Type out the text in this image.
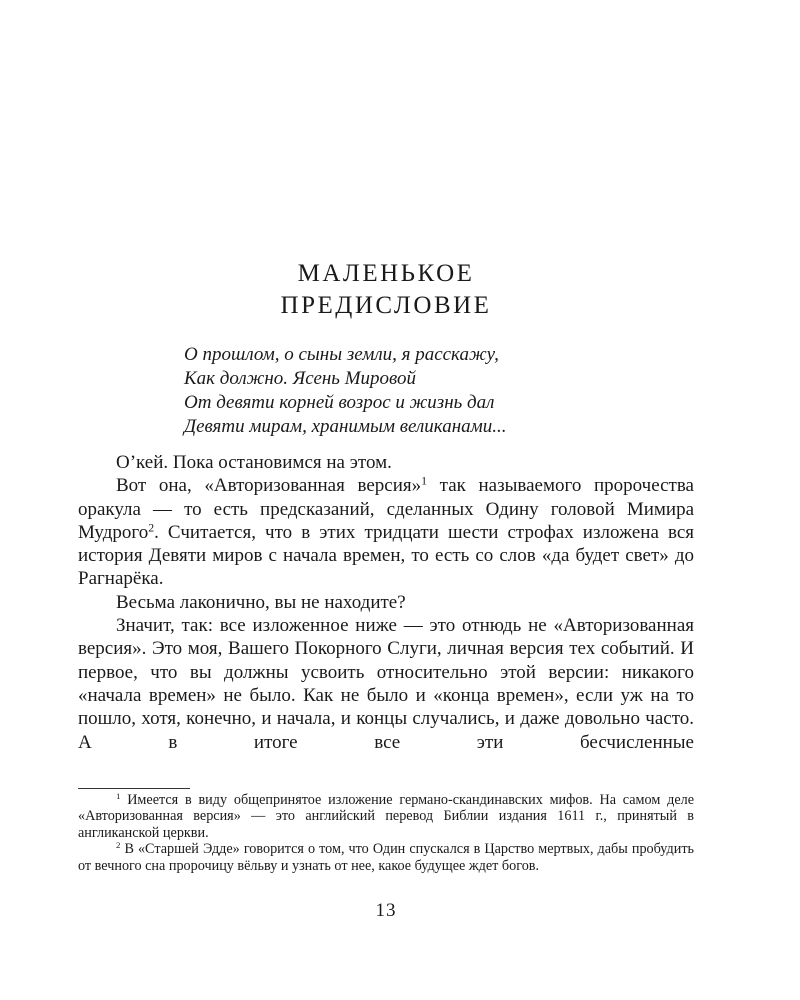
МАЛЕНЬКОЕ
ПРЕДИСЛОВИЕ
О прошлом, о сыны земли, я расскажу,
Как должно. Ясень Мировой
От девяти корней возрос и жизнь дал
Девяти мирам, хранимым великанами...

О’кей. Пока остановимся на этом.

Вот она, «Авторизованная версия»$^1$ так называемого пророчества оракула — то есть предсказаний, сделанных Одину головой Мимира Мудрого$^2$. Считается, что в этих тридцати шести строфах изложена вся история Девяти миров с начала времен, то есть со слов «да будет свет» до Рагнарёка.

Весьма лаконично, вы не находите?

Значит, так: все изложенное ниже — это отнюдь не «Авторизованная версия». Это моя, Вашего Покорного Слуги, личная версия тех событий. И первое, что вы должны усвоить относительно этой версии: никакого «начала времен» не было. Как не было и «конца времен», если уж на то пошло, хотя, конечно, и начала, и концы случались, и даже довольно часто. А в итоге все эти бесчисленные

$^1$ Имеется в виду общепринятое изложение германо-скандинавских мифов. На самом деле «Авторизованная версия» — это английский перевод Библии издания 1611 г., принятый в англиканской церкви.

$^2$ В «Старшей Эдде» говорится о том, что Один спускался в Царство мертвых, дабы пробудить от вечного сна пророчицу вёльву и узнать от нее, какое будущее ждет богов.

13
